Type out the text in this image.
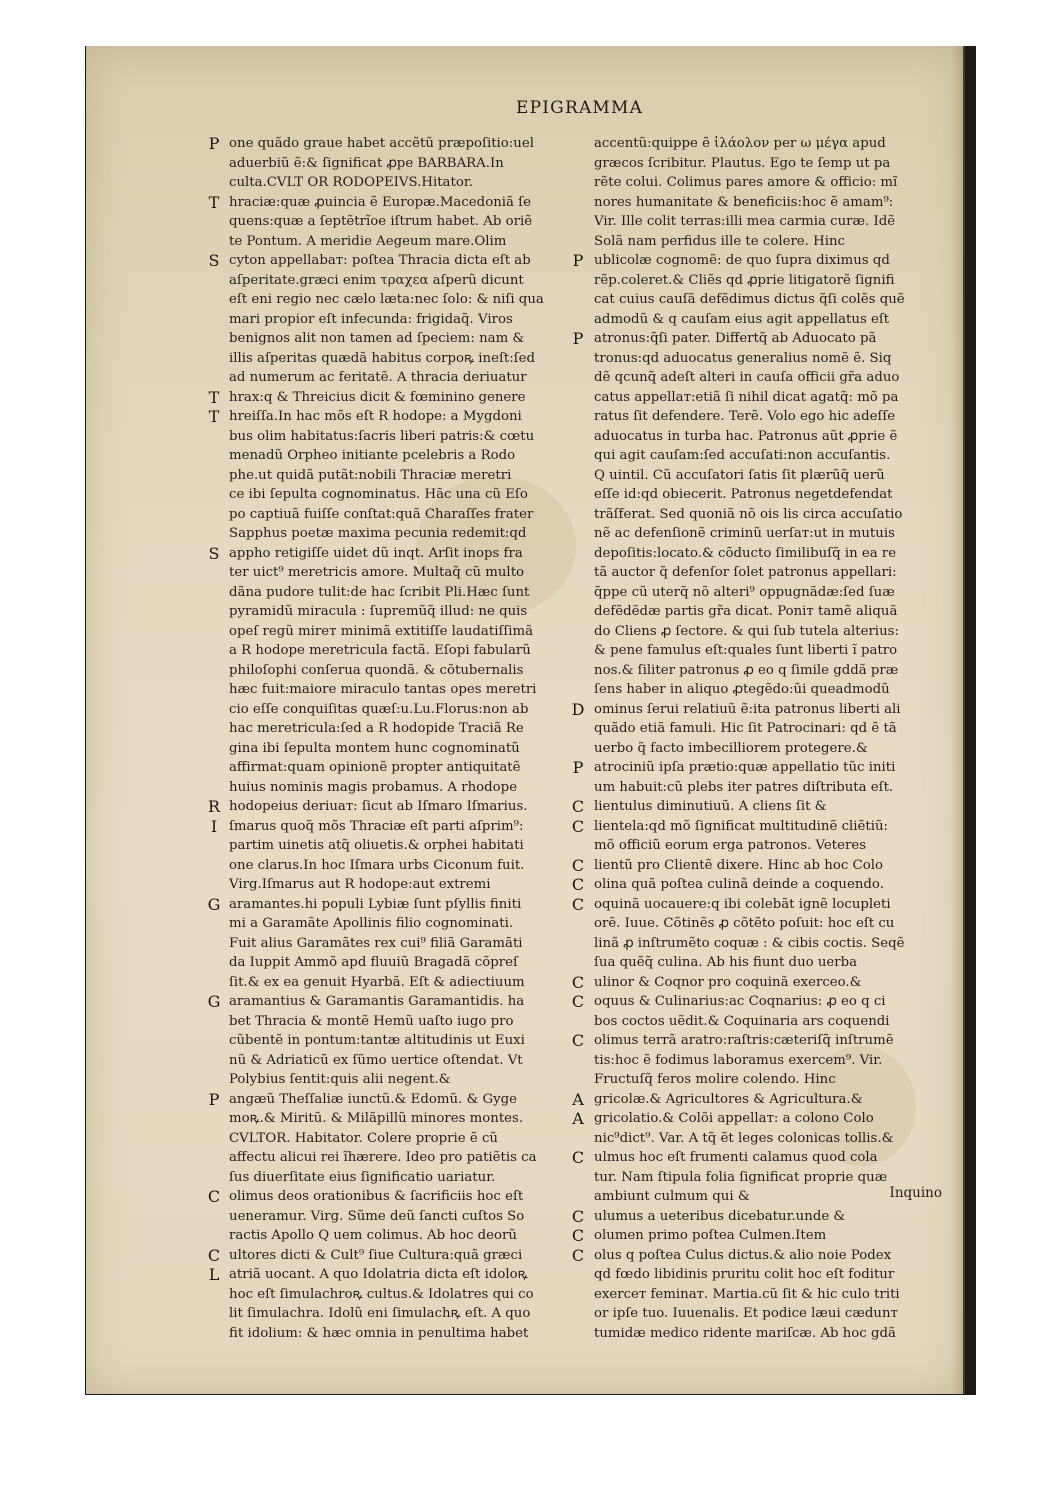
EPIGRAMMA
P one quãdo graue habet accẽtũ præpoſitio:uel
aduerbiũ ẽ:& ſignificat ꝓpe BARBARA.In
culta.CVLT OR RODOPEIVS.Hitator.
T hraciæ:quæ ꝓuincia ẽ Europæ.Macedoniã ſe
quens:quæ a ſeptẽtrĩoe iſtrum habet. Ab oriẽ
te Pontum. A meridie Aegeum mare.Olim
S cyton appellabaт: poſtea Thracia dicta eſt ab
aſperitate.græci enim τραχεα aſperũ dicunt
eſt eni regio nec cælo læta:nec ſolo: & niſi qua
mari propior eſt infecunda: frigidaq̃. Viros
benignos alit non tamen ad ſpeciem: nam &
illis aſperitas quædã habitus corpoꝶ ineſt:ſed
ad numerum ac feritatẽ. A thracia deriuatur
T hrax:q & Threicius dicit & fœminino genere
T hreiſſa.In hac mõs eſt R hodope: a Mygdoni
bus olim habitatus:ſacris liberi patris:& cœtu
menadũ Orpheo initiante pcelebris a Rodo
phe.ut quidã putãt:nobili Thraciæ meretri
ce ibi ſepulta cognominatus. Hãc una cũ Eſo
po captiuã fuiſſe conſtat:quã Charaſſes frater
Sapphus poetæ maxima pecunia redemit:qd
S appho retigiſſe uidet dũ inqt. Arſit inops fra
ter uict⁹ meretricis amore. Multaq̃ cũ multo
dãna pudore tulit:de hac ſcribit Pli.Hæc ſunt
pyramidũ miracula : ſupremũq̃ illud: ne quis
opeſ regũ mireт minimã extitiſſe laudatiſſimã
a R hodope meretricula factã. Eſopi fabularũ
philoſophi conſerua quondã. & cõtubernalis
hæc fuit:maiore miraculo tantas opes meretri
cio eſſe conquiſitas quæſ:u.Lu.Florus:non ab
hac meretricula:ſed a R hodopide Traciã Re
gina ibi ſepulta montem hunc cognominatũ
affirmat:quam opinionẽ propter antiquitatẽ
huius nominis magis probamus. A rhodope
R hodopeius deriuaт: ſicut ab Iſmaro Iſmarius.
I ſmarus quoq̃ mõs Thraciæ eſt parti aſprim⁹:
partim uinetis atq̃ oliuetis.& orphei habitati
one clarus.In hoc Iſmara urbs Ciconum fuit.
Virg.Iſmarus aut R hodope:aut extremi
G aramantes.hi populi Lybiæ ſunt pſyllis finiti
mi a Garamãte Apollinis filio cognominati.
Fuit alius Garamãtes rex cui⁹ filiã Garamãti
da Iuppit Ammõ apd fluuiũ Bragadã cõpreſ
ſit.& ex ea genuit Hyarbã. Eſt & adiectiuum
G aramantius & Garamantis Garamantidis. ha
bet Thracia & montẽ Hemũ uaſto iugo pro
cũbentẽ in pontum:tantæ altitudinis ut Euxi
nũ & Adriaticũ ex ſũmo uertice oſtendat. Vt
Polybius ſentit:quis alii negent.&
P angæũ Theſſaliæ iunctũ.& Edomũ. & Gyge
moꝶ.& Miritũ. & Milãpillũ minores montes.
CVLTOR. Habitator. Colere proprie ẽ cũ
affectu alicui rei ĩhærere. Ideo pro patiẽtis ca
ſus diuerſitate eius ſignificatio uariatur.
C olimus deos orationibus & ſacrificiis hoc eſt
ueneramur. Virg. Sũme deũ ſancti cuſtos So
ractis Apollo Q uem colimus. Ab hoc deorũ
C ultores dicti & Cult⁹ ſiue Cultura:quã græci
L atriã uocant. A quo Idolatria dicta eſt idoloꝶ
hoc eſt ſimulachroꝶ cultus.& Idolatres qui co
lit ſimulachra. Idolũ eni ſimulachꝶ eſt. A quo
fit idolium: & hæc omnia in penultima habet
accentũ:quippe ẽ ἰλάολον per ω μέγα apud
græcos ſcribitur. Plautus. Ego te ſemp ut pa
rẽte colui. Colimus pares amore & officio: mĩ
nores humanitate & beneficiis:hoc ẽ amam⁹:
Vir. Ille colit terras:illi mea carmia curæ. Idẽ
Solã nam perfidus ille te colere. Hinc
P ublicolæ cognomẽ: de quo ſupra diximus qd
rẽp.coleret.& Cliẽs qd ꝓprie litigatorẽ ſignifi
cat cuius cauſã defẽdimus dictus q̃ſi colẽs quẽ
admodũ & q cauſam eius agit appellatus eſt
P atronus:q̃ſi pater. Differtq̃ ab Aduocato pã
tronus:qd aduocatus generalius nomẽ ẽ. Siq
dẽ qcunq̃ adeſt alteri in cauſa officii gr̃a aduo
catus appellaт:etiã ſi nihil dicat agatq̃: mõ pa
ratus ſit defendere. Terẽ. Volo ego hic adeſſe
aduocatus in turba hac. Patronus aũt ꝓprie ẽ
qui agit cauſam:ſed accuſati:non accuſantis.
Q uintil. Cũ accuſatori ſatis ſit plærũq̃ uerũ
eſſe id:qd obiecerit. Patronus negetdefendat
trãſferat. Sed quoniã nõ ois lis circa accuſatio
nẽ ac defenſionẽ criminũ uerſaт:ut in mutuis
depoſitis:locato.& cõducto ſimilibuſq̃ in ea re
tã auctor q̃ defenſor ſolet patronus appellari:
q̃ppe cũ uterq̃ nõ alteri⁹ oppugnãdæ:ſed ſuæ
defẽdẽdæ partis gr̃a dicat. Poniт tamẽ aliquã
do Cliens ꝓ ſectore. & qui ſub tutela alterius:
& pene famulus eſt:quales ſunt liberti ĩ patro
nos.& ſiliter patronus ꝓ eo q ſimile gddã præ
ſens haber in aliquo ꝓtegẽdo:ũi queadmodũ
D ominus ſerui relatiuũ ẽ:ita patronus liberti ali
quãdo etiã famuli. Hic ſit Patrocinari: qd ẽ tã
uerbo q̃ facto imbecilliorem protegere.&
P atrociniũ ipſa prætio:quæ appellatio tũc initi
um habuit:cũ plebs iter patres diſtributa eſt.
C lientulus diminutiuũ. A cliens ſit &
C lientela:qd mõ ſignificat multitudinẽ cliẽtiũ:
mõ officiũ eorum erga patronos. Veteres
C lientũ pro Clientẽ dixere. Hinc ab hoc Colo
C olina quã poſtea culinã deinde a coquendo.
C oquinã uocauere:q ibi colebãt ignẽ locupleti
orẽ. Iuue. Cõtinẽs ꝓ cõtẽto poſuit: hoc eſt cu
linã ꝓ inſtrumẽto coquæ : & cibis coctis. Seqẽ
ſua quẽq̃ culina. Ab his fiunt duo uerba
C ulinor & Coqnor pro coquinã exerceo.&
C oquus & Culinarius:ac Coqnarius: ꝓ eo q ci
bos coctos uẽdit.& Coquinaria ars coquendi
C olimus terrã aratro:raſtris:cæteriſq̃ inſtrumẽ
tis:hoc ẽ fodimus laboramus exercem⁹. Vir.
Fructuſq̃ feros molire colendo. Hinc
A gricolæ.& Agricultores & Agricultura.&
A gricolatio.& Colõi appellaт: a colono Colo
nic⁹dict⁹. Var. A tq̃ ẽt leges colonicas tollis.&
C ulmus hoc eſt frumenti calamus quod cola
tur. Nam ſtipula folia ſignificat proprie quæ
ambiunt culmum qui &
C ulumus a ueteribus dicebatur.unde &
C olumen primo poſtea Culmen.Item
C olus q poſtea Culus dictus.& alio noie Podex
qd fœdo libidinis pruritu colit hoc eſt foditur
exerceт feminaт. Martia.cũ ſit & hic culo triti
or ipſe tuo. Iuuenalis. Et podice læui cædunт
tumidæ medico ridente mariſcæ. Ab hoc gdã
Inquino
